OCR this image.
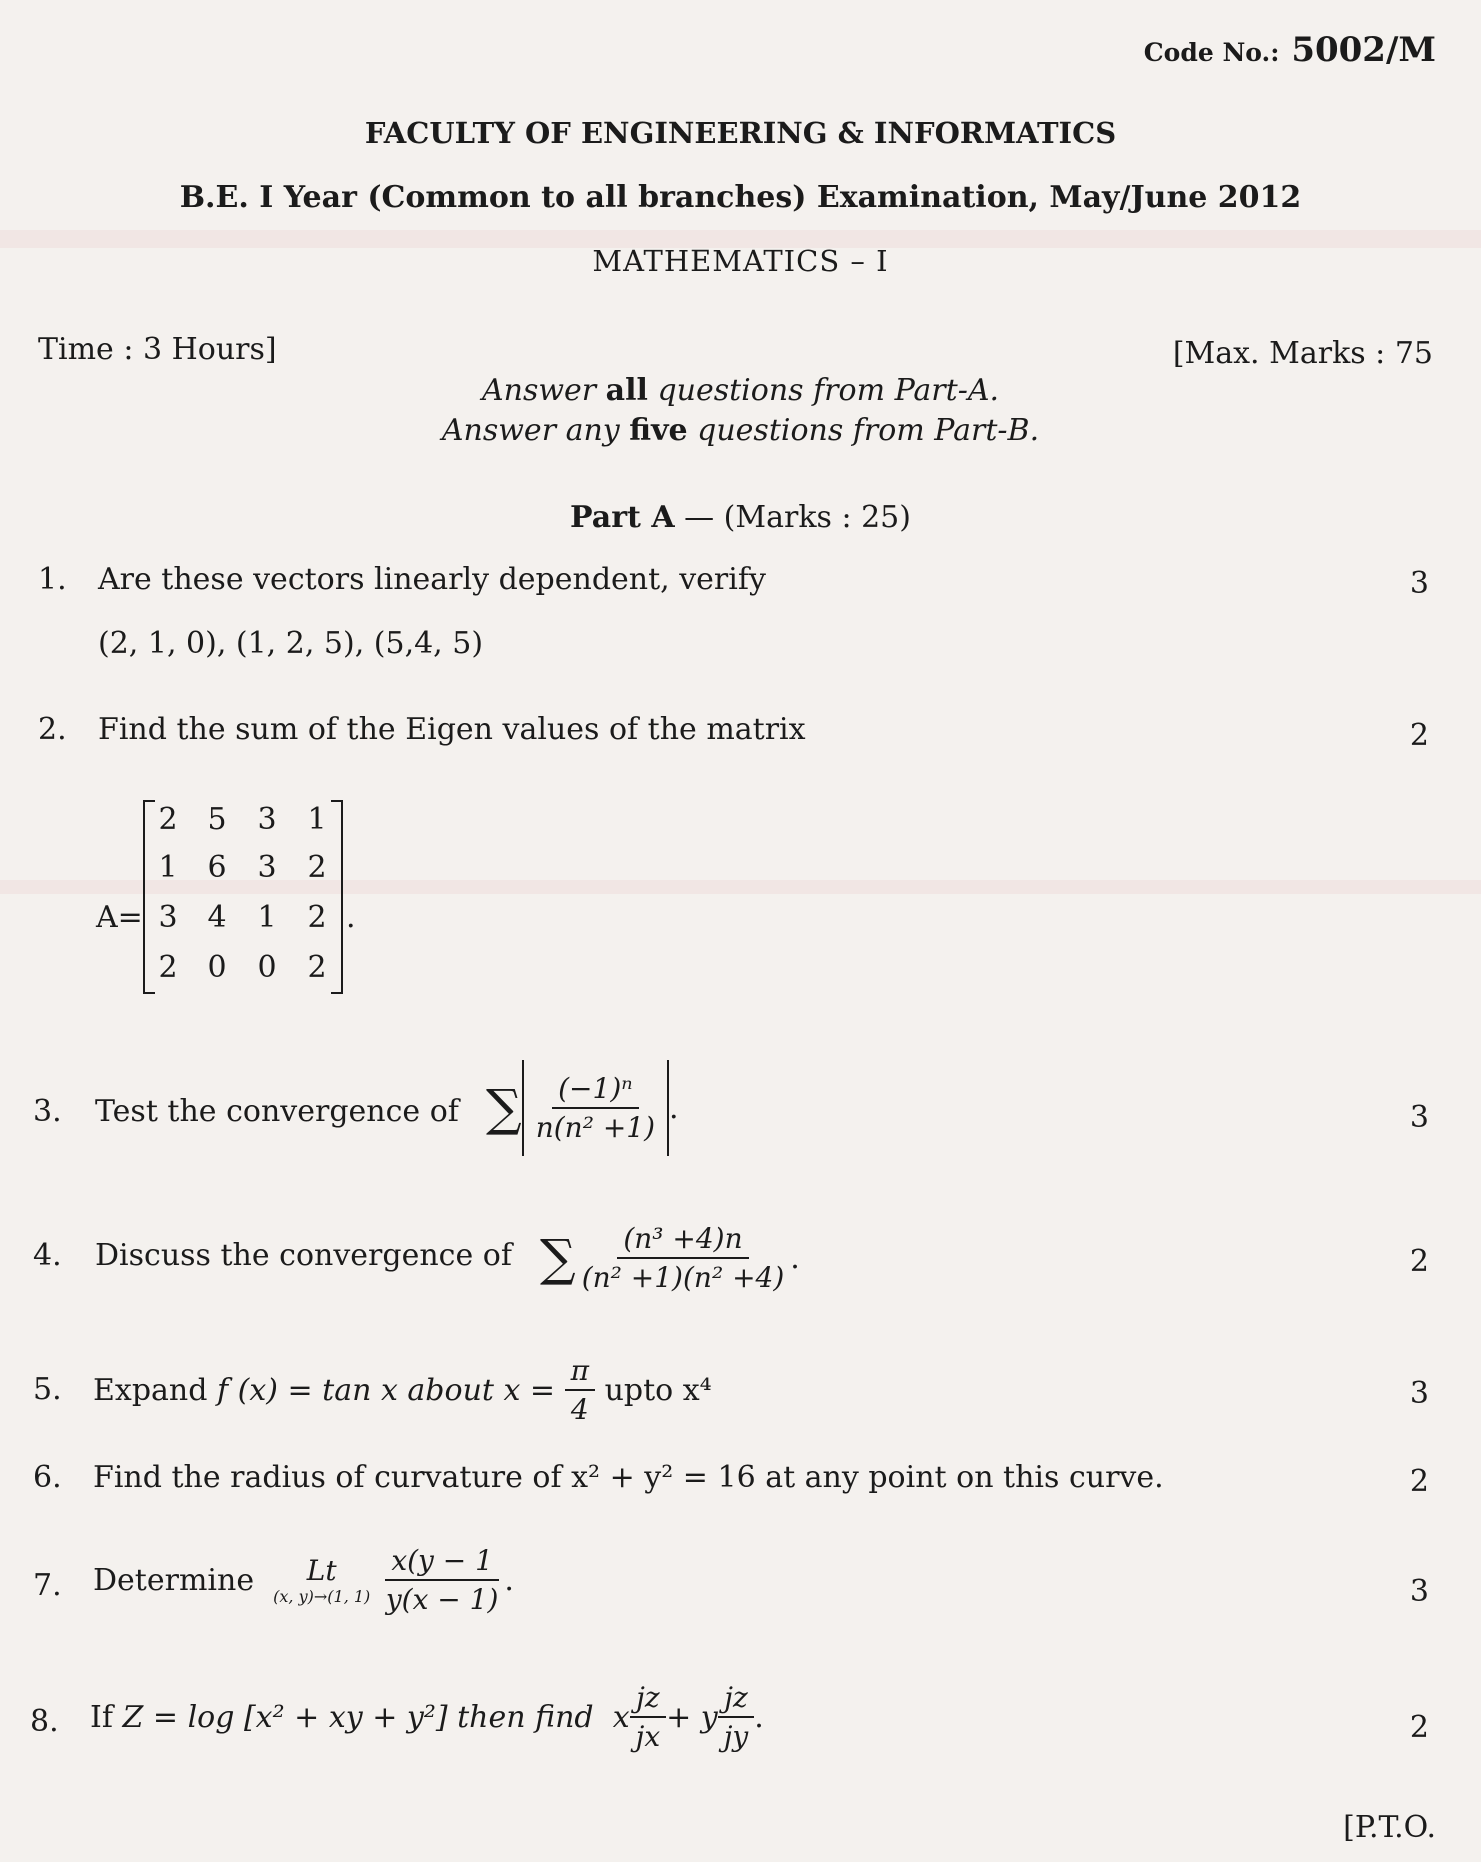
Code No.: 5002/M
FACULTY OF ENGINEERING & INFORMATICS
B.E. I Year (Common to all branches) Examination, May/June 2012
MATHEMATICS – I
Time : 3 Hours]	[Max. Marks : 75
Answer all questions from Part-A.
Answer any five questions from Part-B.
Part A — (Marks : 25)
1. Are these vectors linearly dependent, verify
(2, 1, 0), (1, 2, 5), (5,4, 5)
3
2. Find the sum of the Eigen values of the matrix	2
A=
2 5	3	1
1 6	3	2
3 4	1	2
2 0	0	2
.
3. Test the convergence of ∑ $\frac{\text{(−1)ⁿ}}{\text{n(n² +1)}}$ .	3
4. Discuss the convergence of ∑ $\frac{\text{(n³ +4)n}}{\text{(n² +1)(n² +4)}}$ .	2
5. Expand
f (x) = tan x about x =
$\frac{\pi}{4}$
upto x⁴	3
6. Find the radius of curvature of x² + y² = 16 at any point on this curve.	2
7. Determine
Lt
(x, y)→(1, 1)
$\frac{x(y - 1}{y(x - 1)}$ .	3
8. If
Z = log [x² + xy + y²] then find
x $\frac{jz}{jx} + y \frac{jz}{jy}$ .	2
[P.T.O.
